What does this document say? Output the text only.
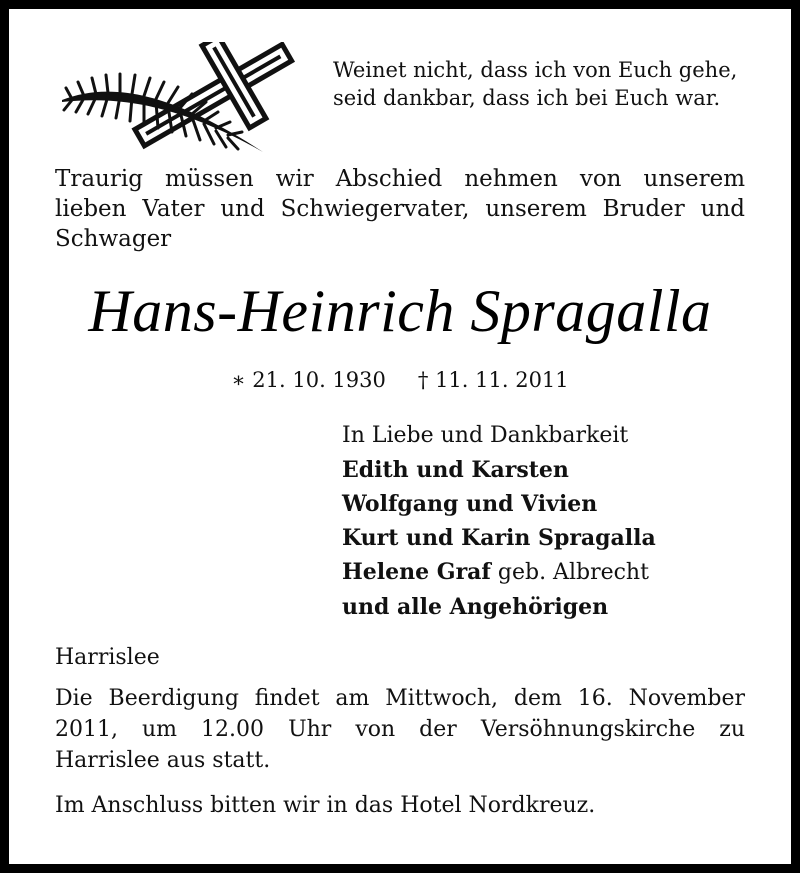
Weinet nicht, dass ich von Euch gehe,
seid dankbar, dass ich bei Euch war.
Traurig müssen wir Abschied nehmen von unserem
lieben Vater und Schwiegervater, unserem Bruder und
Schwager
Hans-Heinrich Spragalla
∗ 21. 10. 1930 † 11. 11. 2011
In Liebe und Dankbarkeit
Edith und Karsten
Wolfgang und Vivien
Kurt und Karin Spragalla
Helene Graf geb. Albrecht
und alle Angehörigen
Harrislee
Die Beerdigung findet am Mittwoch, dem 16. November
2011, um 12.00 Uhr von der Versöhnungskirche zu
Harrislee aus statt.
Im Anschluss bitten wir in das Hotel Nordkreuz.
